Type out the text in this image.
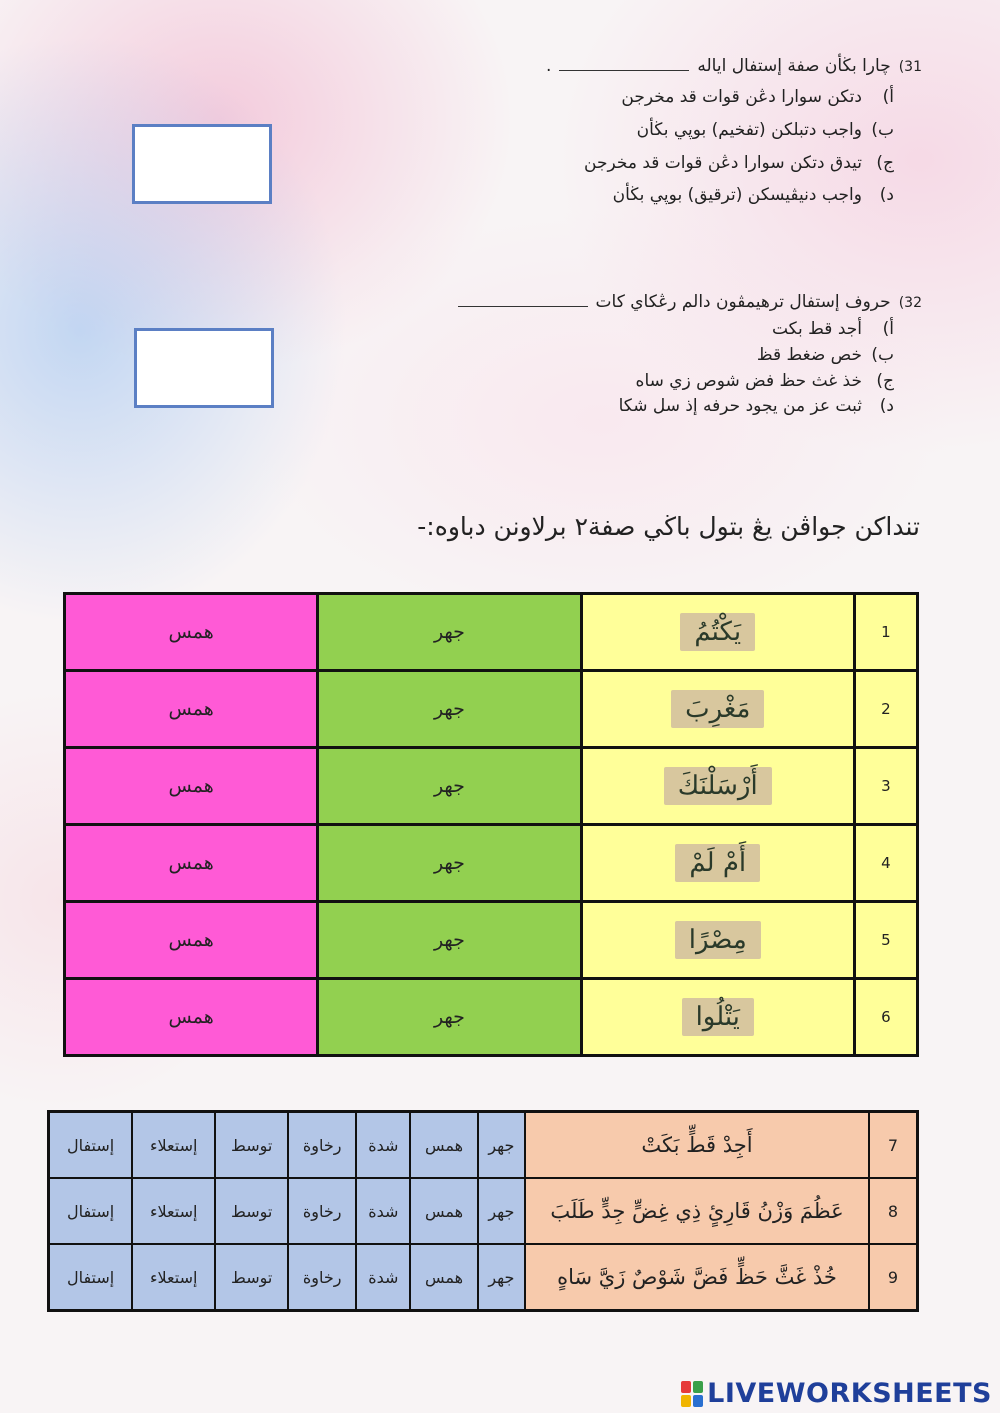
31)
چارا بڬأن صفة إستفال اياله
.
أ)
دتکن سوارا دڠن قوات قد مخرجن
ب)
واجب دتبلکن (تفخيم) بوڽي بڬأن
ج)
تيدق دتکن سوارا دڠن قوات قد مخرجن
د)
واجب دنيڤيسکن (ترقيق) بوڽي بڬأن
32)
حروف إستفال ترهيمڤون دالم رڠکاي کات
أ)
أجد قط بكت
ب)
خص ضغط قظ
ج)
خذ غث حظ فض شوص زي ساه
د)
ثبت عز من يجود حرفه إذ سل شكا
تنداکن جواڤن يڠ بتول باڬي صفة٢ برلاونن دباوه:-
همس	جهر	يَكْتُمُ	1
همس	جهر	مَغْرِبَ	2
همس	جهر	أَرْسَلْنَكَ	3
همس	جهر	أَمْ لَمْ	4
همس	جهر	مِصْرًا	5
همس	جهر	يَتْلُوا	6
إستفال	إستعلاء	توسط	رخاوة	شدة	همس	جهر	أَجِدْ قَطٍّ بَكَتْ	7
إستفال	إستعلاء	توسط	رخاوة	شدة	همس	جهر	عَظُمَ وَزْنُ قَارِئٍ ذِي غِضٍّ جِدٍّ طَلَبَ	8
إستفال	إستعلاء	توسط	رخاوة	شدة	همس	جهر	خُذْ غَثَّ حَظٍّ فَضَّ شَوْصٌ زَيَّ سَاهٍ	9
LIVEWORKSHEETS
